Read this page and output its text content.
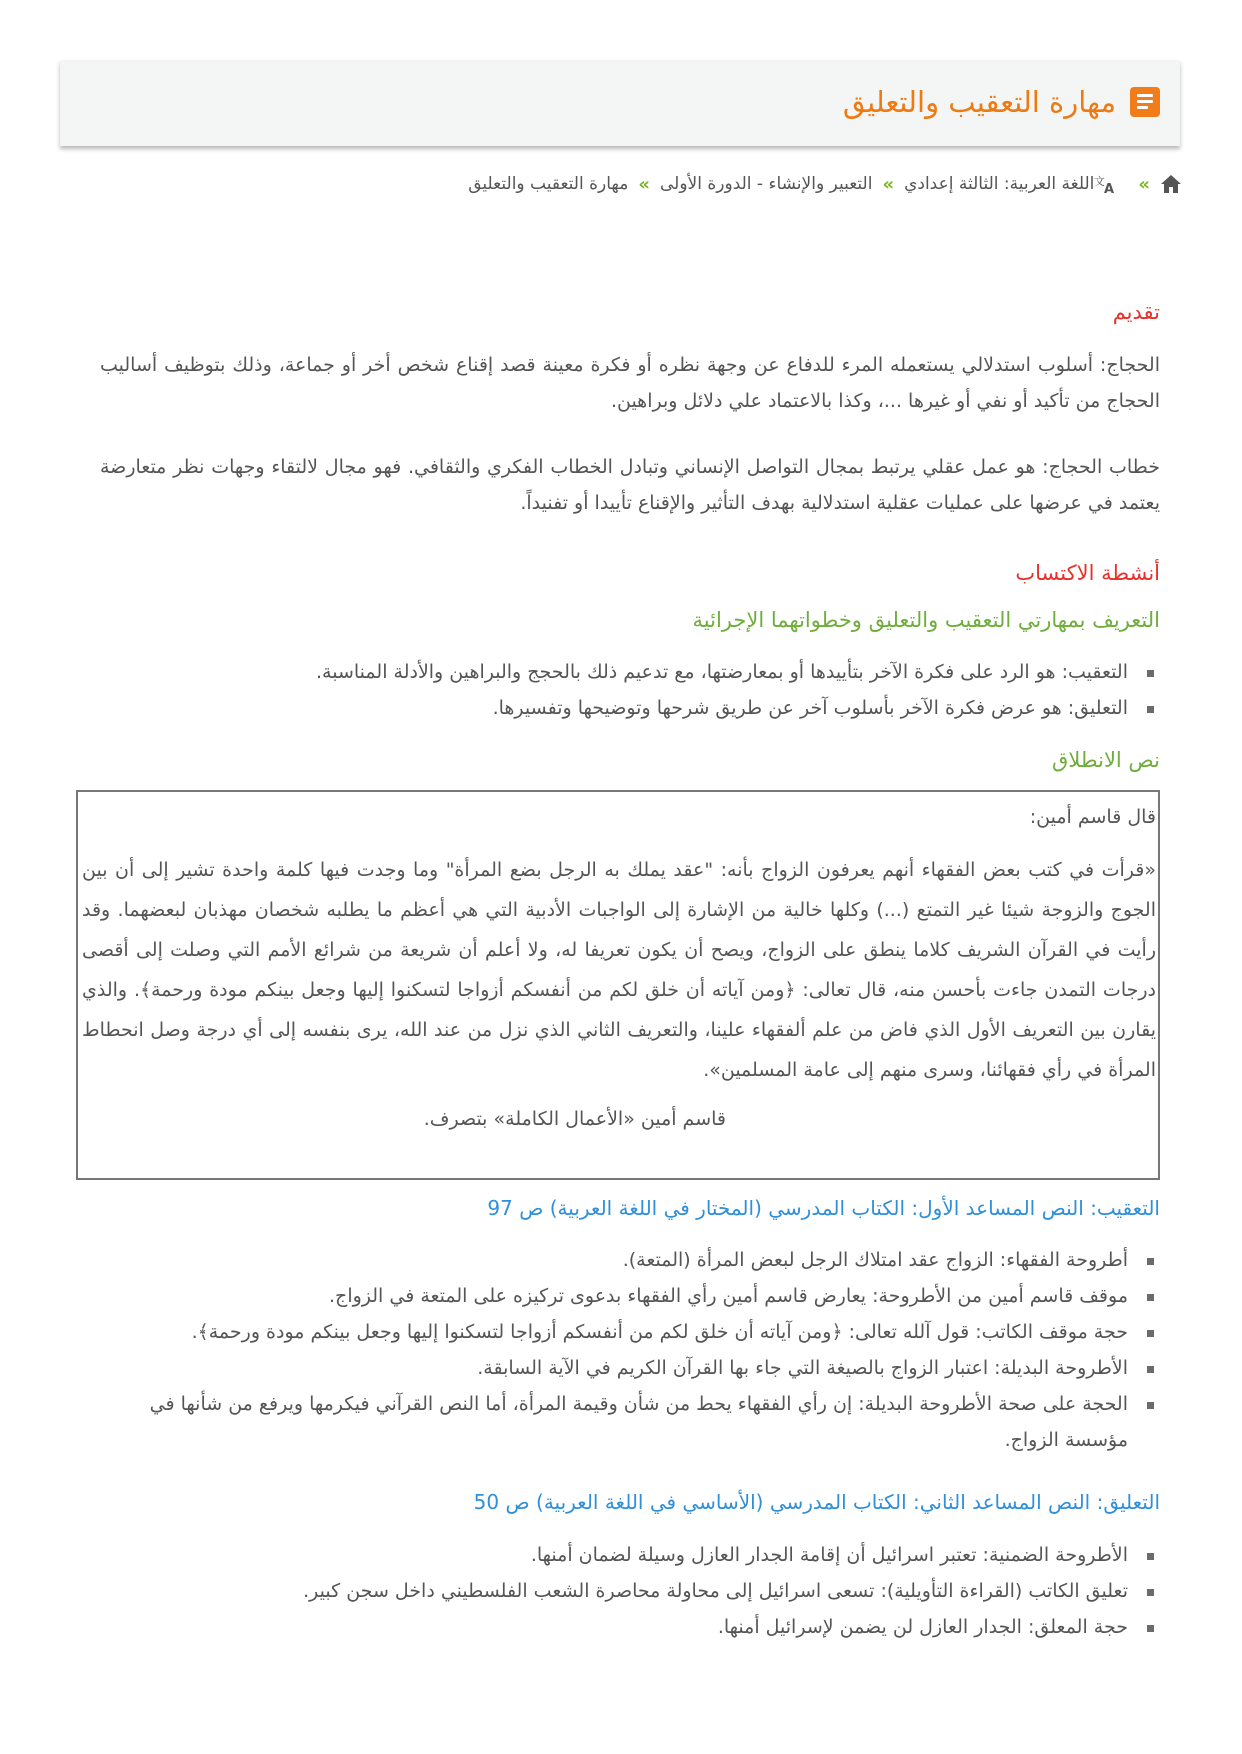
مهارة التعقيب والتعليق
»
文
A
اللغة العربية: الثالثة إعدادي
»
التعبير والإنشاء - الدورة الأولى
»
مهارة التعقيب والتعليق
تقديم
الحجاج: أسلوب استدلالي يستعمله المرء للدفاع عن وجهة نظره أو فكرة معينة قصد إقناع شخص أخر أو جماعة، وذلك بتوظيف أساليب الحجاج من تأكيد أو نفي أو غيرها ...، وكذا بالاعتماد علي دلائل وبراهين.
خطاب الحجاج: هو عمل عقلي يرتبط بمجال التواصل الإنساني وتبادل الخطاب الفكري والثقافي. فهو مجال لالتقاء وجهات نظر متعارضة يعتمد في عرضها على عمليات عقلية استدلالية بهدف التأثير والإقناع تأييدا أو تفنيداً.
أنشطة الاكتساب
التعريف بمهارتي التعقيب والتعليق وخطواتهما الإجرائية
التعقيب: هو الرد على فكرة الآخر بتأييدها أو بمعارضتها، مع تدعيم ذلك بالحجج والبراهين والأدلة المناسبة.
التعليق: هو عرض فكرة الآخر بأسلوب آخر عن طريق شرحها وتوضيحها وتفسيرها.
نص الانطلاق
قال قاسم أمين:
«قرأت في كتب بعض الفقهاء أنهم يعرفون الزواج بأنه: "عقد يملك به الرجل بضع المرأة" وما وجدت فيها كلمة واحدة تشير إلى أن بين الجوج والزوجة شيئا غير التمتع (...) وكلها خالية من الإشارة إلى الواجبات الأدبية التي هي أعظم ما يطلبه شخصان مهذبان لبعضهما. وقد رأيت في القرآن الشريف كلاما ينطق على الزواج، ويصح أن يكون تعريفا له، ولا أعلم أن شريعة من شرائع الأمم التي وصلت إلى أقصى درجات التمدن جاءت بأحسن منه، قال تعالى: ﴿ومن آياته أن خلق لكم من أنفسكم أزواجا لتسكنوا إليها وجعل بينكم مودة ورحمة﴾. والذي يقارن بين التعريف الأول الذي فاض من علم ألفقهاء علينا، والتعريف الثاني الذي نزل من عند الله، يرى بنفسه إلى أي درجة وصل انحطاط المرأة في رأي فقهائنا، وسرى منهم إلى عامة المسلمين».
قاسم أمين «الأعمال الكاملة» بتصرف.
التعقيب: النص المساعد الأول: الكتاب المدرسي (المختار في اللغة العربية) ص 97
أطروحة الفقهاء: الزواج عقد امتلاك الرجل لبعض المرأة (المتعة).
موقف قاسم أمين من الأطروحة: يعارض قاسم أمين رأي الفقهاء بدعوى تركيزه على المتعة في الزواج.
حجة موقف الكاتب: قول آلله تعالى: ﴿ومن آياته أن خلق لكم من أنفسكم أزواجا لتسكنوا إليها وجعل بينكم مودة ورحمة﴾.
الأطروحة البديلة: اعتبار الزواج بالصيغة التي جاء بها القرآن الكريم في الآية السابقة.
الحجة على صحة الأطروحة البديلة: إن رأي الفقهاء يحط من شأن وقيمة المرأة، أما النص القرآني فيكرمها ويرفع من شأنها في مؤسسة الزواج.
التعليق: النص المساعد الثاني: الكتاب المدرسي (الأساسي في اللغة العربية) ص 50
الأطروحة الضمنية: تعتبر اسرائيل أن إقامة الجدار العازل وسيلة لضمان أمنها.
تعليق الكاتب (القراءة التأويلية): تسعى اسرائيل إلى محاولة محاصرة الشعب الفلسطيني داخل سجن كبير.
حجة المعلق: الجدار العازل لن يضمن لإسرائيل أمنها.
